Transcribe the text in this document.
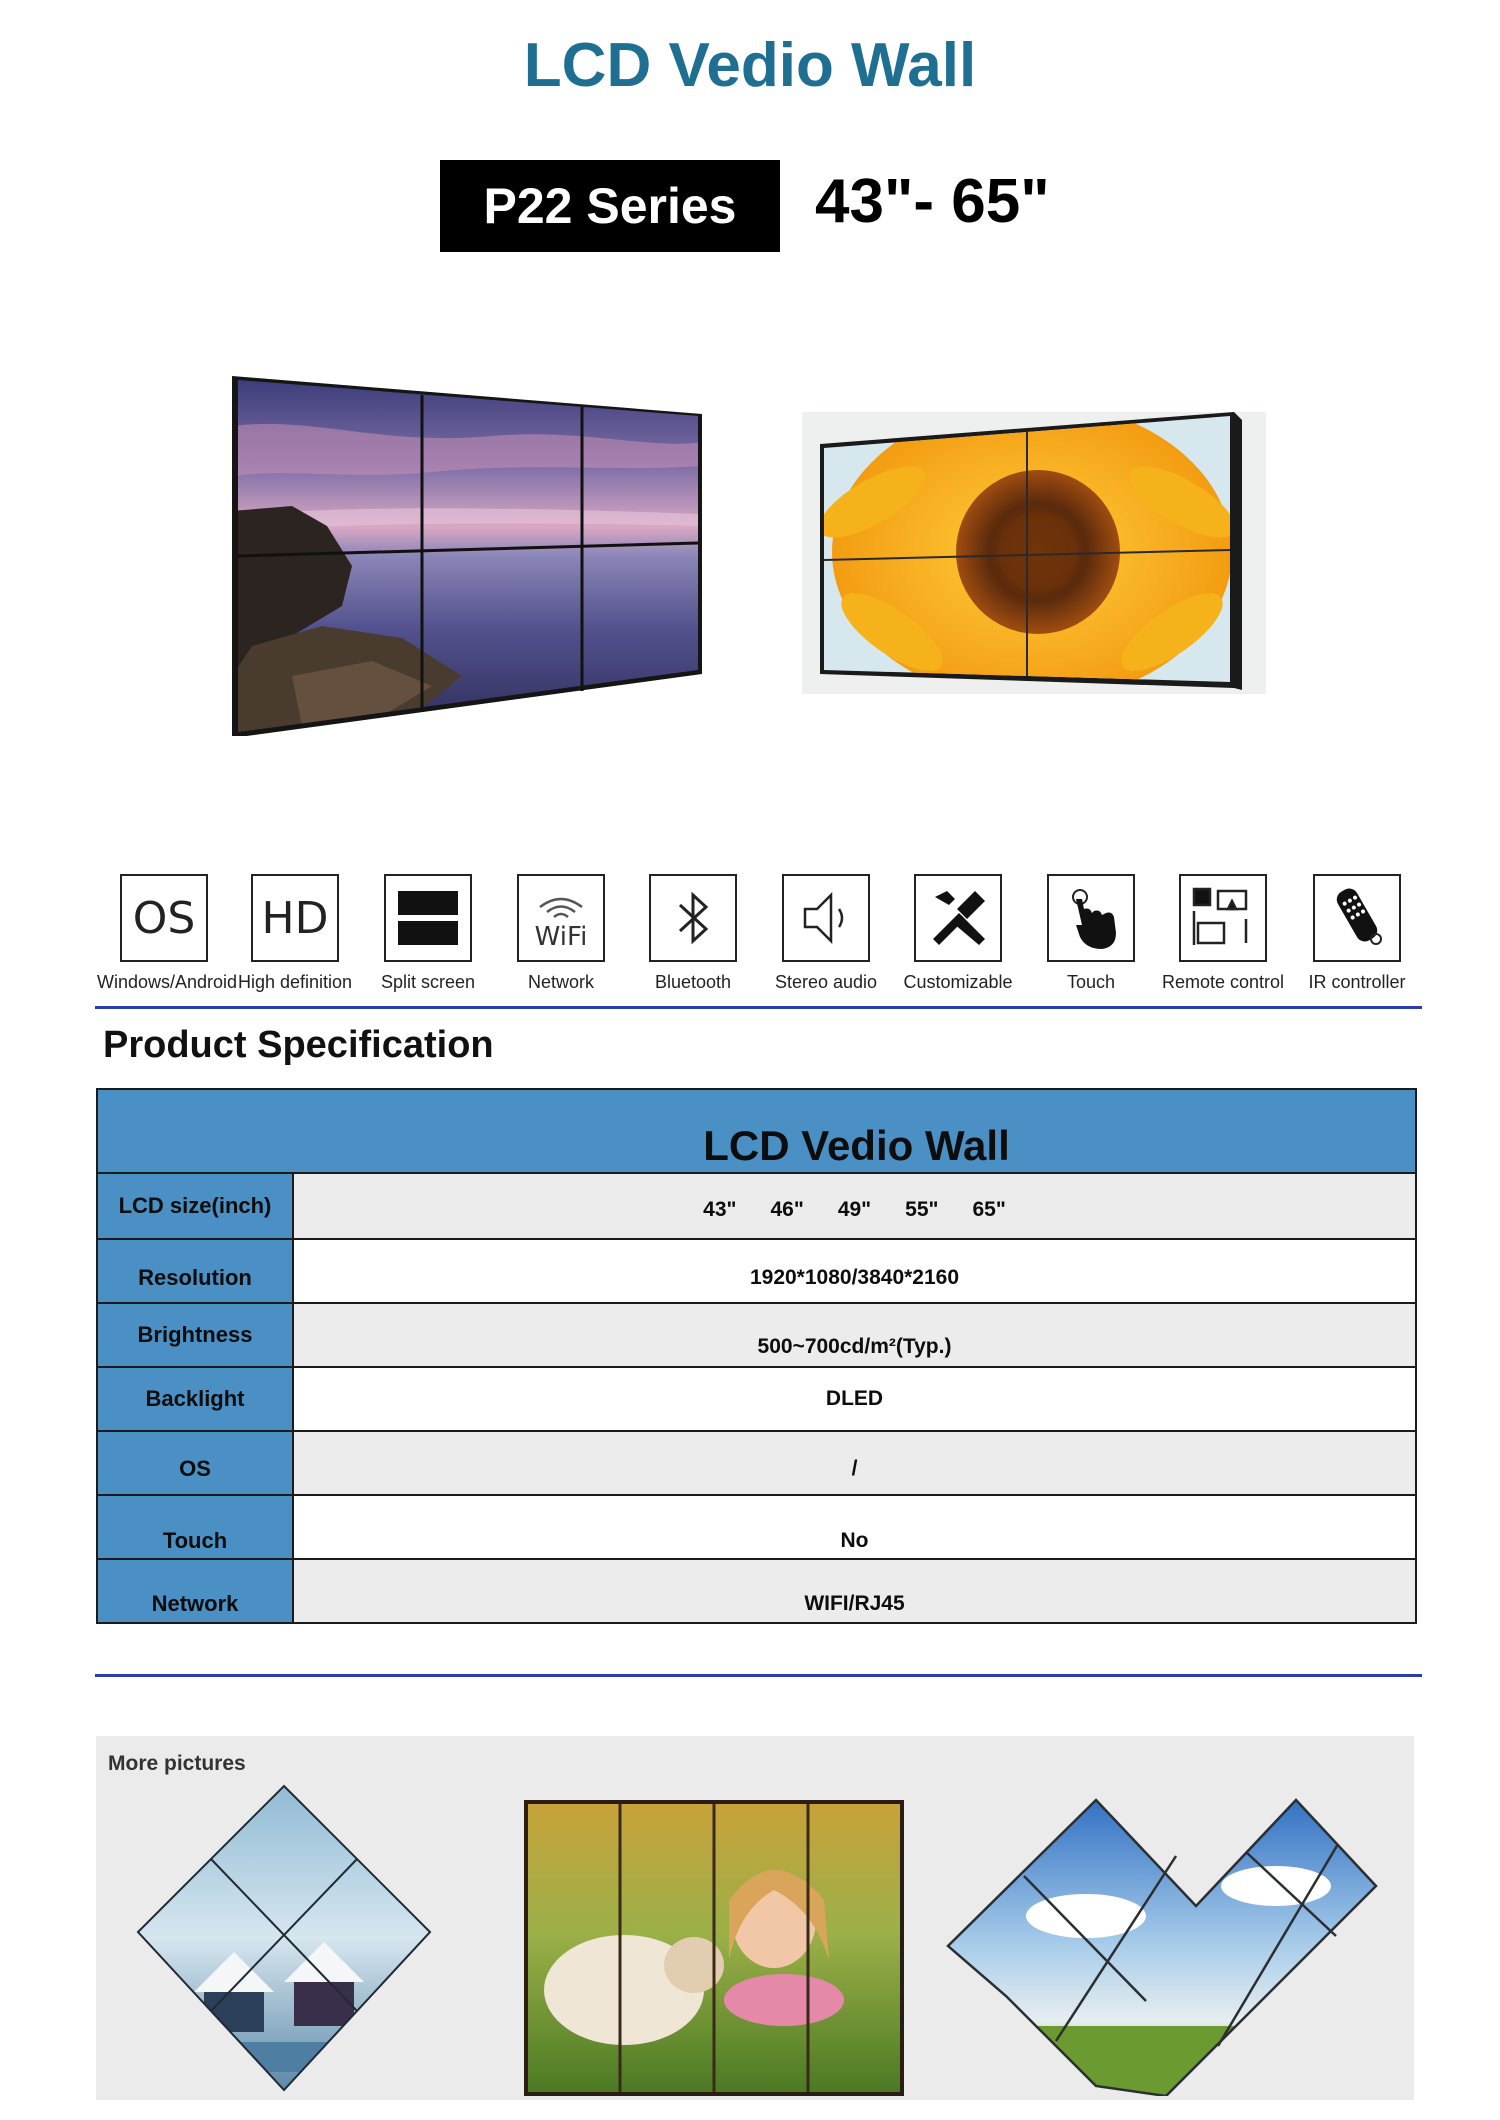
LCD Vedio Wall
P22 Series	43"- 65"
OS
Windows/Android
HD
High definition	Split screen
WiFi
Network	Bluetooth	Stereo audio	Customizable	Touch	Remote control	IR controller
Product Specification
LCD Vedio Wall
LCD size(inch)	43" 46" 49" 55" 65"
Resolution	1920*1080/3840*2160
Brightness	500~700cd/m²(Typ.)
Backlight	DLED
OS	/
Touch	No
Network	WIFI/RJ45
More pictures
